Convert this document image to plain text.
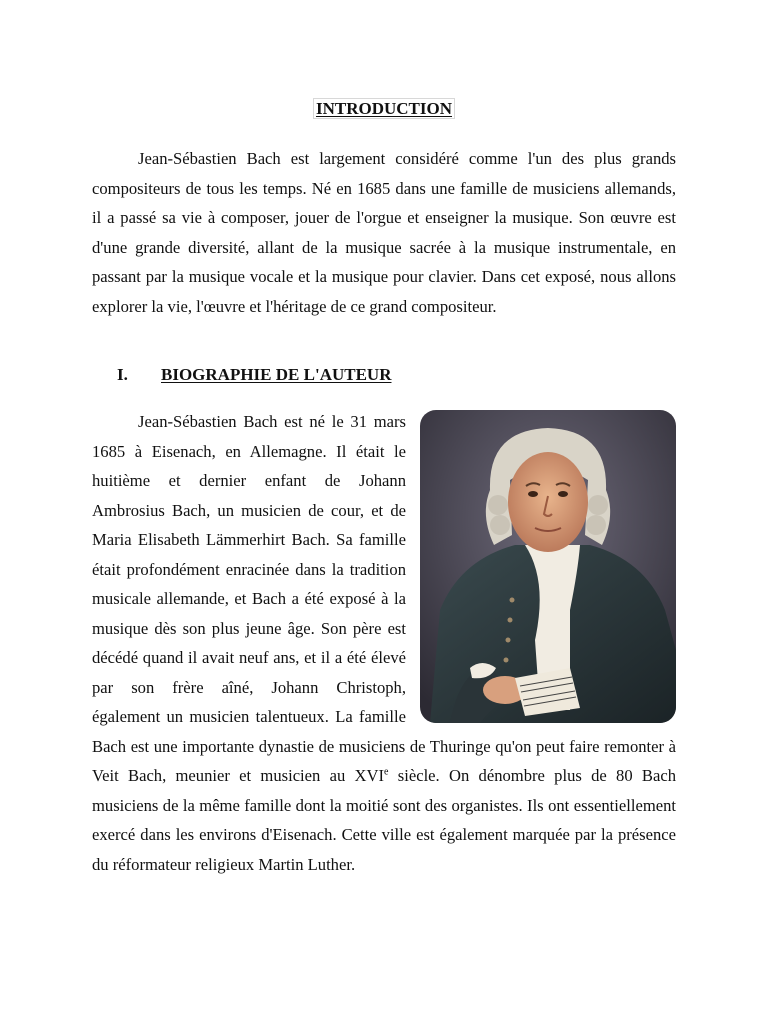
INTRODUCTION

Jean-Sébastien Bach est largement considéré comme l'un des plus grands compositeurs de tous les temps. Né en 1685 dans une famille de musiciens allemands, il a passé sa vie à composer, jouer de l'orgue et enseigner la musique. Son œuvre est d'une grande diversité, allant de la musique sacrée à la musique instrumentale, en passant par la musique vocale et la musique pour clavier. Dans cet exposé, nous allons explorer la vie, l'œuvre et l'héritage de ce grand compositeur.

I. BIOGRAPHIE DE L'AUTEUR

Jean-Sébastien Bach est né le 31 mars 1685 à Eisenach, en Allemagne. Il était le huitième et dernier enfant de Johann Ambrosius Bach, un musicien de cour, et de Maria Elisabeth Lämmerhirt Bach. Sa famille était profondément enracinée dans la tradition musicale allemande, et Bach a été exposé à la musique dès son plus jeune âge. Son père est décédé quand il avait neuf ans, et il a été élevé par son frère aîné, Johann Christoph, également un musicien talentueux. La famille Bach est une importante dynastie de musiciens de Thuringe qu'on peut faire remonter à Veit Bach, meunier et musicien au XVIe siècle. On dénombre plus de 80 Bach musiciens de la même famille dont la moitié sont des organistes. Ils ont essentiellement exercé dans les environs d'Eisenach. Cette ville est également marquée par la présence du réformateur religieux Martin Luther.
